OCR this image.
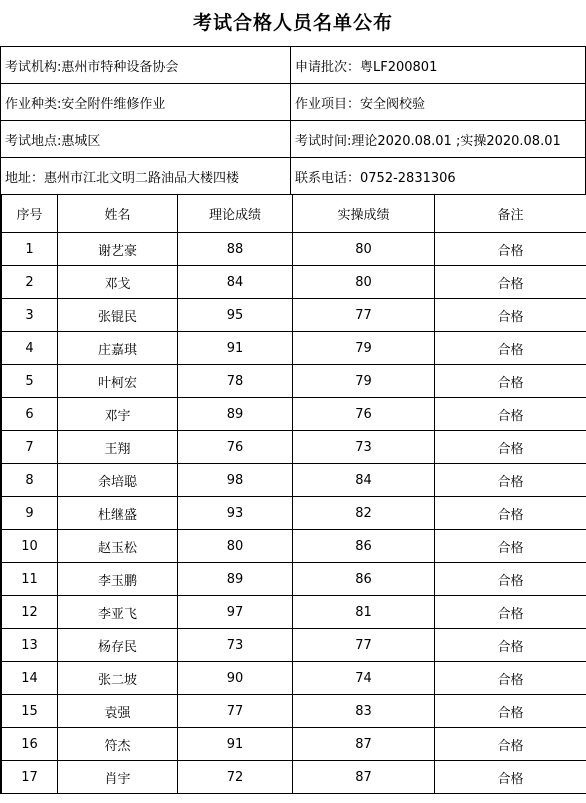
考试合格人员名单公布
考试机构:惠州市特种设备协会	申请批次：粤LF200801
作业种类:安全附件维修作业	作业项目：安全阀校验
考试地点:惠城区	考试时间:理论2020.08.01 ;实操2020.08.01
地址：惠州市江北文明二路油品大楼四楼	联系电话：0752-2831306
序号	姓名	理论成绩	实操成绩	备注
1	谢艺豪	88	80	合格
2	邓戈	84	80	合格
3	张锟民	95	77	合格
4	庄嘉琪	91	79	合格
5	叶柯宏	78	79	合格
6	邓宇	89	76	合格
7	王翔	76	73	合格
8	余培聪	98	84	合格
9	杜继盛	93	82	合格
10	赵玉松	80	86	合格
11	李玉鹏	89	86	合格
12	李亚飞	97	81	合格
13	杨存民	73	77	合格
14	张二坡	90	74	合格
15	袁强	77	83	合格
16	符杰	91	87	合格
17	肖宇	72	87	合格
